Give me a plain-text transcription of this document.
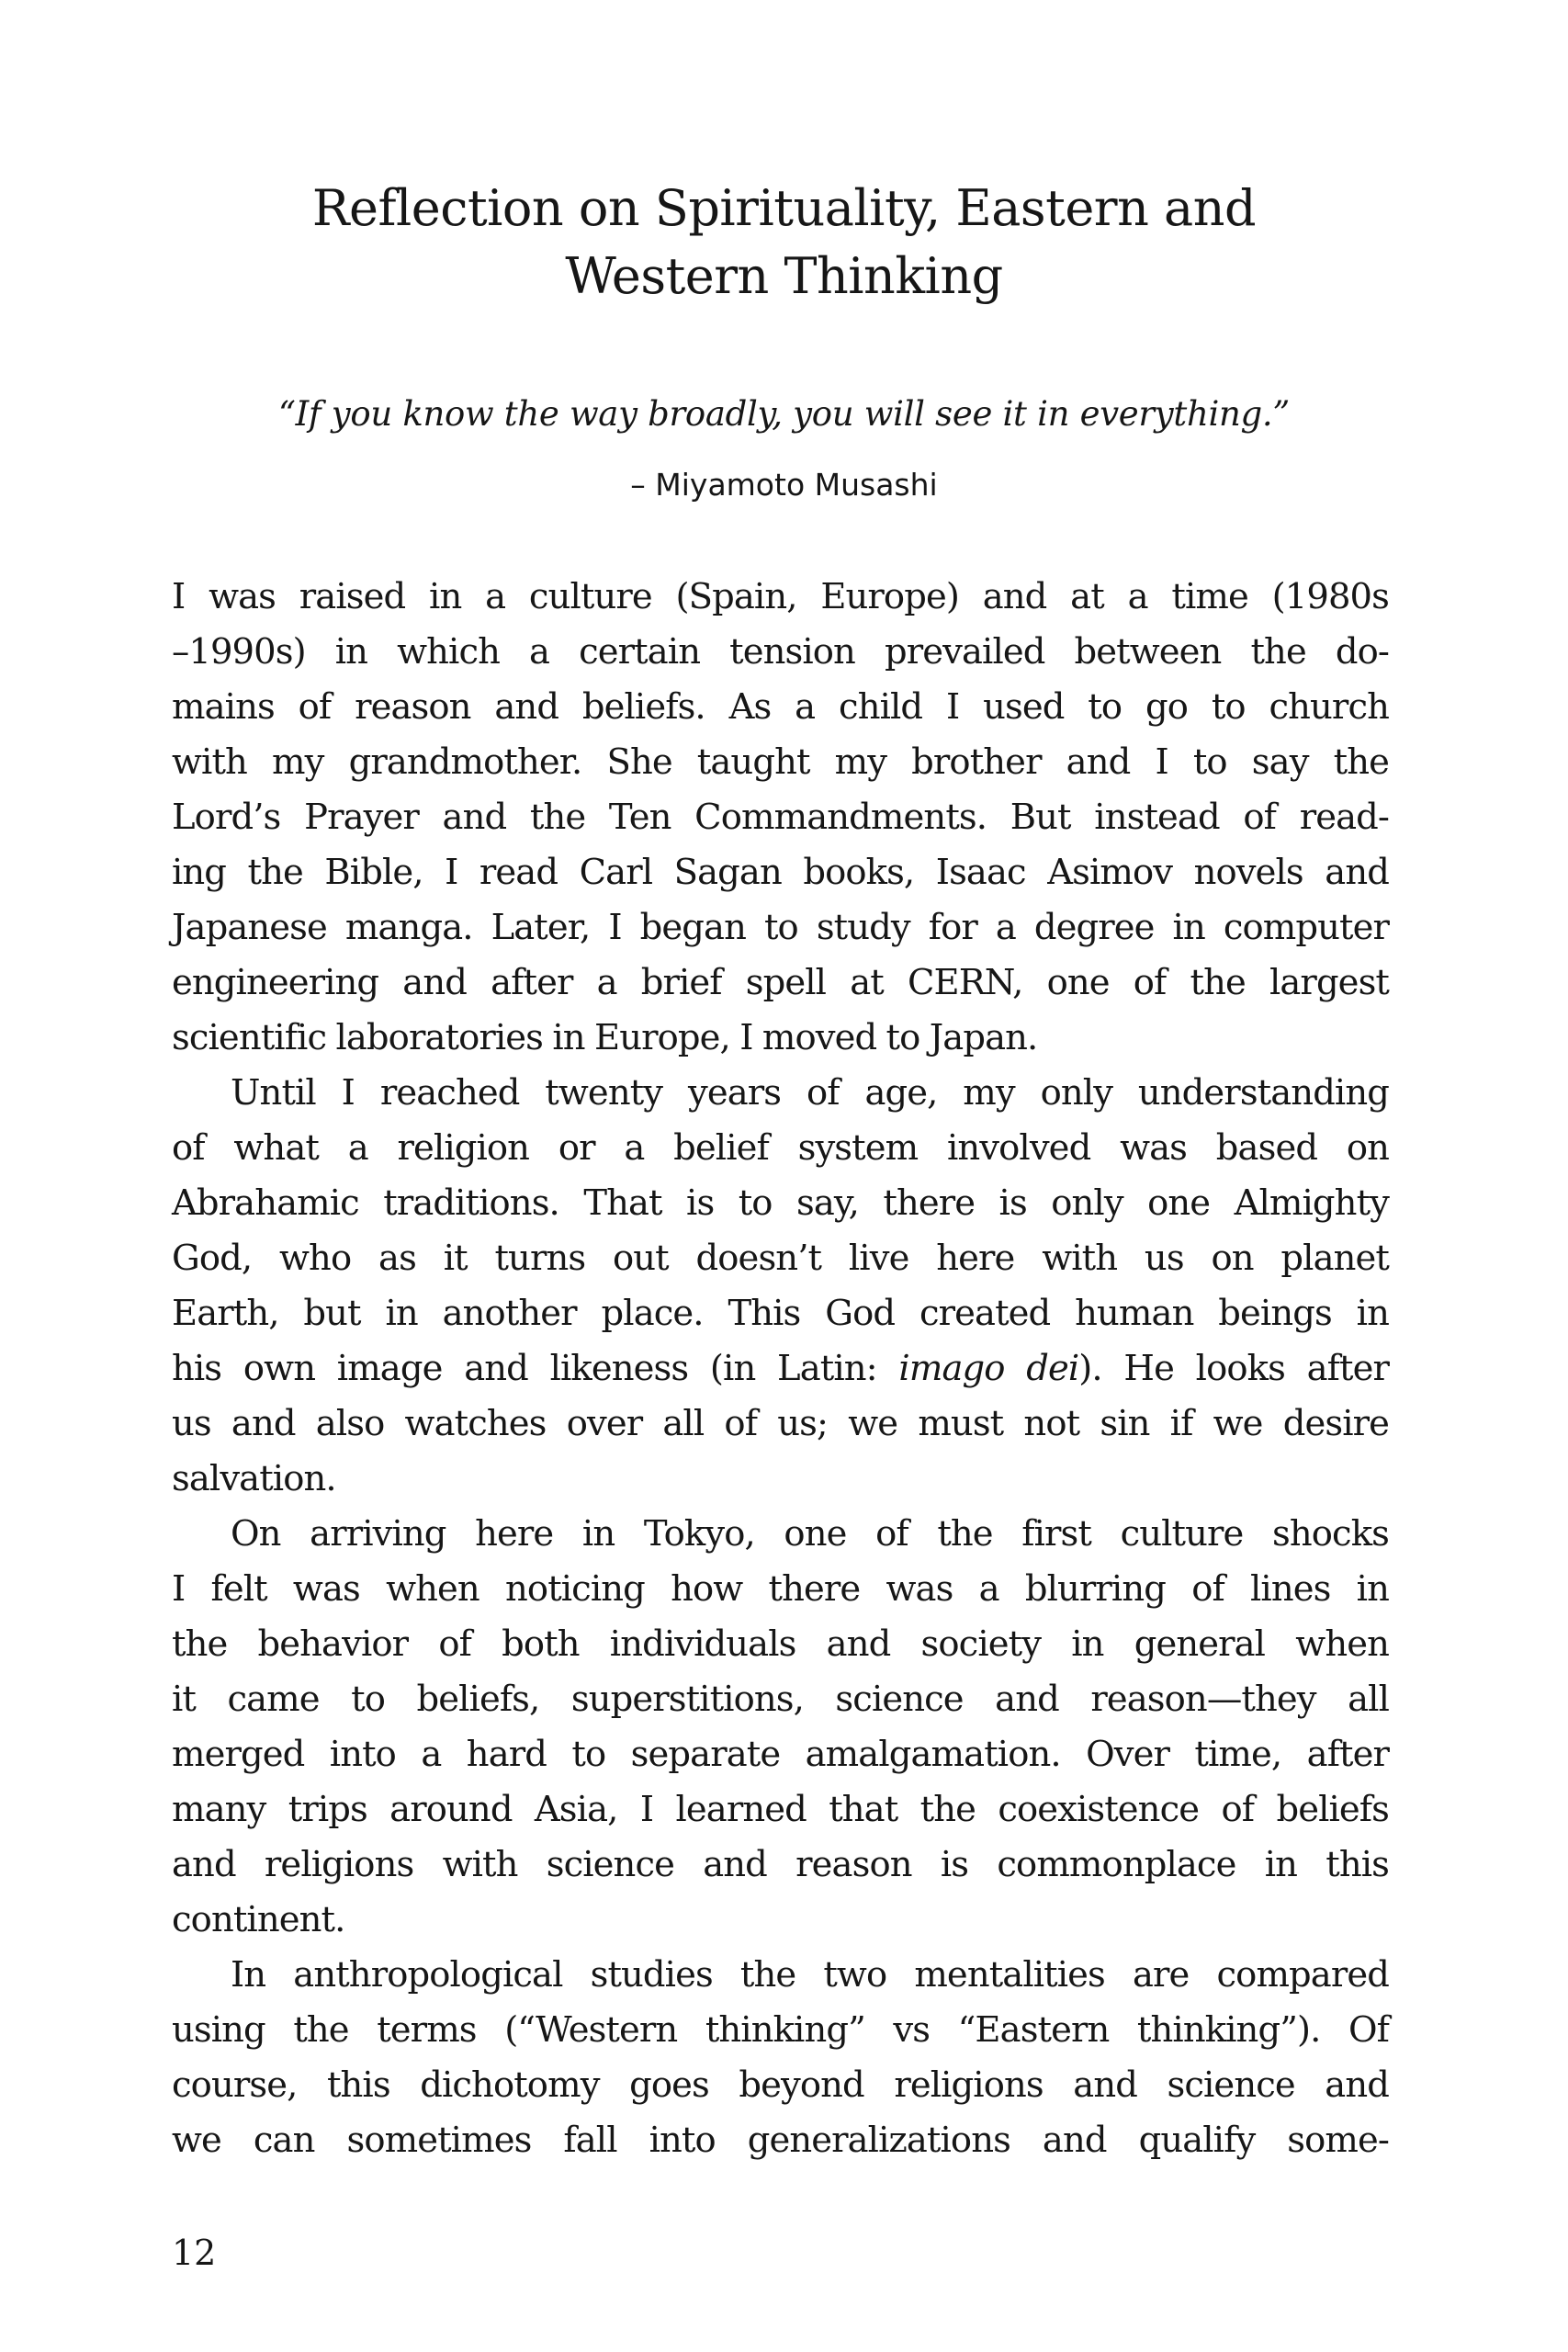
Reflection on Spirituality, Eastern and
Western Thinking
“If you know the way broadly, you will see it in everything.”
– Miyamoto Musashi
I was raised in a culture (Spain, Europe) and at a time (1980s
–1990s) in which a certain tension prevailed between the do-
mains of reason and beliefs. As a child I used to go to church
with my grandmother. She taught my brother and I to say the
Lord’s Prayer and the Ten Commandments. But instead of read-
ing the Bible, I read Carl Sagan books, Isaac Asimov novels and
Japanese manga. Later, I began to study for a degree in computer
engineering and after a brief spell at CERN, one of the largest
scientific laboratories in Europe, I moved to Japan.
Until I reached twenty years of age, my only understanding
of what a religion or a belief system involved was based on
Abrahamic traditions. That is to say, there is only one Almighty
God, who as it turns out doesn’t live here with us on planet
Earth, but in another place. This God created human beings in
his own image and likeness (in Latin: imago dei). He looks after
us and also watches over all of us; we must not sin if we desire
salvation.
On arriving here in Tokyo, one of the first culture shocks
I felt was when noticing how there was a blurring of lines in
the behavior of both individuals and society in general when
it came to beliefs, superstitions, science and reason—they all
merged into a hard to separate amalgamation. Over time, after
many trips around Asia, I learned that the coexistence of beliefs
and religions with science and reason is commonplace in this
continent.
In anthropological studies the two mentalities are compared
using the terms (“Western thinking” vs “Eastern thinking”). Of
course, this dichotomy goes beyond religions and science and
we can sometimes fall into generalizations and qualify some-
12
